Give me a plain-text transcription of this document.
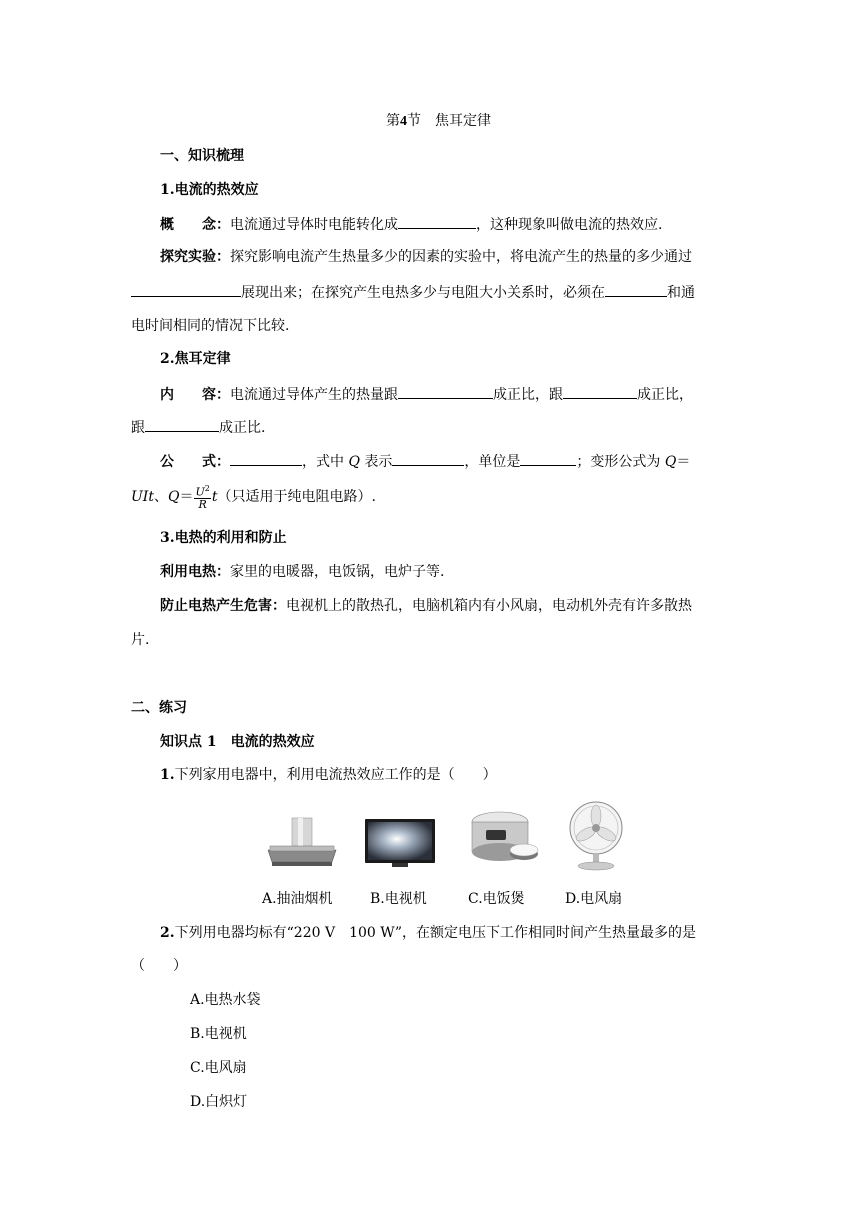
第4节　焦耳定律
一、知识梳理
1.电流的热效应
概　　念：电流通过导体时电能转化成	，这种现象叫做电流的热效应.
探究实验：探究影响电流产生热量多少的因素的实验中，将电流产生的热量的多少通过
展现出来；在探究产生电热多少与电阻大小关系时，必须在	和通
电时间相同的情况下比较.
2.焦耳定律
内　　容：电流通过导体产生的热量跟	成正比，跟	成正比，
跟	成正比.
公　　式：	，式中 Q 表示	，单位是	；变形公式为 Q＝
UIt、$Q= \frac{U^2}{R} t$（只适用于纯电阻电路）.
3.电热的利用和防止
利用电热：家里的电暖器，电饭锅，电炉子等.
防止电热产生危害：电视机上的散热孔，电脑机箱内有小风扇，电动机外壳有许多散热
片.
二、练习
知识点 1　电流的热效应
1.下列家用电器中，利用电流热效应工作的是（　　）
A.抽油烟机	B.电视机	C.电饭煲	D.电风扇
2.下列用电器均标有“220 V　100 W”，在额定电压下工作相同时间产生热量最多的是
（　　）
A.电热水袋
B.电视机
C.电风扇
D.白炽灯
